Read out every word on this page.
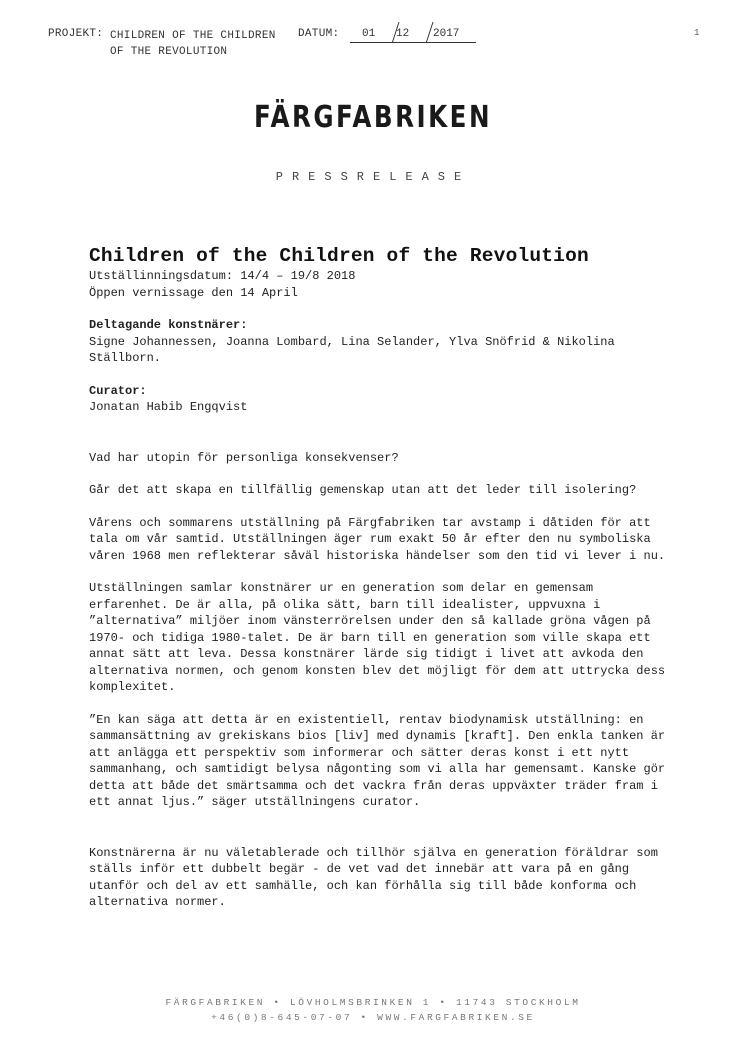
PROJEKT: CHILDREN OF THE CHILDREN
OF THE REVOLUTION
DATUM: 01 12 2017	1
FÄRGFABRIKEN
PRESSRELEASE
Children of the Children of the Revolution

Utställinningsdatum: 14/4 – 19/8 2018

Öppen vernissage den 14 April

Deltagande konstnärer:

Signe Johannessen, Joanna Lombard, Lina Selander, Ylva Snöfrid & Nikolina Ställborn.

Curator:

Jonatan Habib Engqvist

Vad har utopin för personliga konsekvenser?

Går det att skapa en tillfällig gemenskap utan att det leder till isolering?

Vårens och sommarens utställning på Färgfabriken tar avstamp i dåtiden för att tala om vår samtid. Utställningen äger rum exakt 50 år efter den nu symboliska våren 1968 men reflekterar såväl historiska händelser som den tid vi lever i nu.

Utställningen samlar konstnärer ur en generation som delar en gemensam erfarenhet. De är alla, på olika sätt, barn till idealister, uppvuxna i ”alternativa” miljöer inom vänsterrörelsen under den så kallade gröna vågen på 1970- och tidiga 1980-talet. De är barn till en generation som ville skapa ett annat sätt att leva. Dessa konstnärer lärde sig tidigt i livet att avkoda den alternativa normen, och genom konsten blev det möjligt för dem att uttrycka dess komplexitet.

”En kan säga att detta är en existentiell, rentav biodynamisk utställning: en sammansättning av grekiskans bios [liv] med dynamis [kraft]. Den enkla tanken är att anlägga ett perspektiv som informerar och sätter deras konst i ett nytt sammanhang, och samtidigt belysa någonting som vi alla har gemensamt. Kanske gör detta att både det smärtsamma och det vackra från deras uppväxter träder fram i ett annat ljus.” säger utställningens curator.

Konstnärerna är nu väletablerade och tillhör själva en generation föräldrar som ställs inför ett dubbelt begär - de vet vad det innebär att vara på en gång utanför och del av ett samhälle, och kan förhålla sig till både konforma och alternativa normer.

FÄRGFABRIKEN • LÖVHOLMSBRINKEN 1 • 11743 STOCKHOLM
+46(0)8-645-07-07 • WWW.FARGFABRIKEN.SE
